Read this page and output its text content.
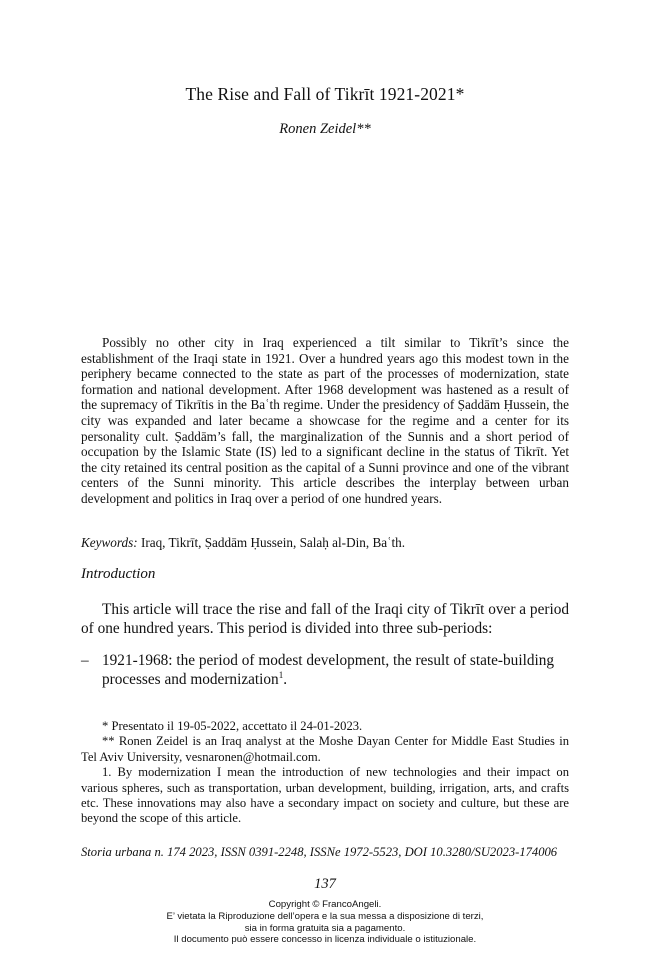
The Rise and Fall of Tikrīt 1921-2021*
Ronen Zeidel**

Possibly no other city in Iraq experienced a tilt similar to Tikrīt’s since the establishment of the Iraqi state in 1921. Over a hundred years ago this modest town in the periphery became connected to the state as part of the processes of modernization, state formation and national development. After 1968 development was hastened as a result of the supremacy of Tikrītis in the Baʿth regime. Under the presidency of Ṣaddām Ḥussein, the city was expanded and later became a showcase for the regime and a center for its personality cult. Ṣaddām’s fall, the marginalization of the Sunnis and a short period of occupation by the Islamic State (IS) led to a significant decline in the status of Tikrīt. Yet the city retained its central position as the capital of a Sunni province and one of the vibrant centers of the Sunni minority. This article describes the interplay between urban development and politics in Iraq over a period of one hundred years.

Keywords: Iraq, Tikrīt, Ṣaddām Ḥussein, Salaḥ al-Din, Baʿth.

Introduction

This article will trace the rise and fall of the Iraqi city of Tikrīt over a period of one hundred years. This period is divided into three sub-periods:

– 1921-1968: the period of modest development, the result of state-building processes and modernization$^1$.

* Presentato il 19-05-2022, accettato il 24-01-2023.

** Ronen Zeidel is an Iraq analyst at the Moshe Dayan Center for Middle East Studies in Tel Aviv University, vesnaronen@hotmail.com.

1. By modernization I mean the introduction of new technologies and their impact on various spheres, such as transportation, urban development, building, irrigation, arts, and crafts etc. These innovations may also have a secondary impact on society and culture, but these are beyond the scope of this article.

Storia urbana n. 174 2023, ISSN 0391-2248, ISSNe 1972-5523, DOI 10.3280/SU2023-174006

137
Copyright © FrancoAngeli.
E’ vietata la Riproduzione dell’opera e la sua messa a disposizione di terzi,
sia in forma gratuita sia a pagamento.
Il documento può essere concesso in licenza individuale o istituzionale.
